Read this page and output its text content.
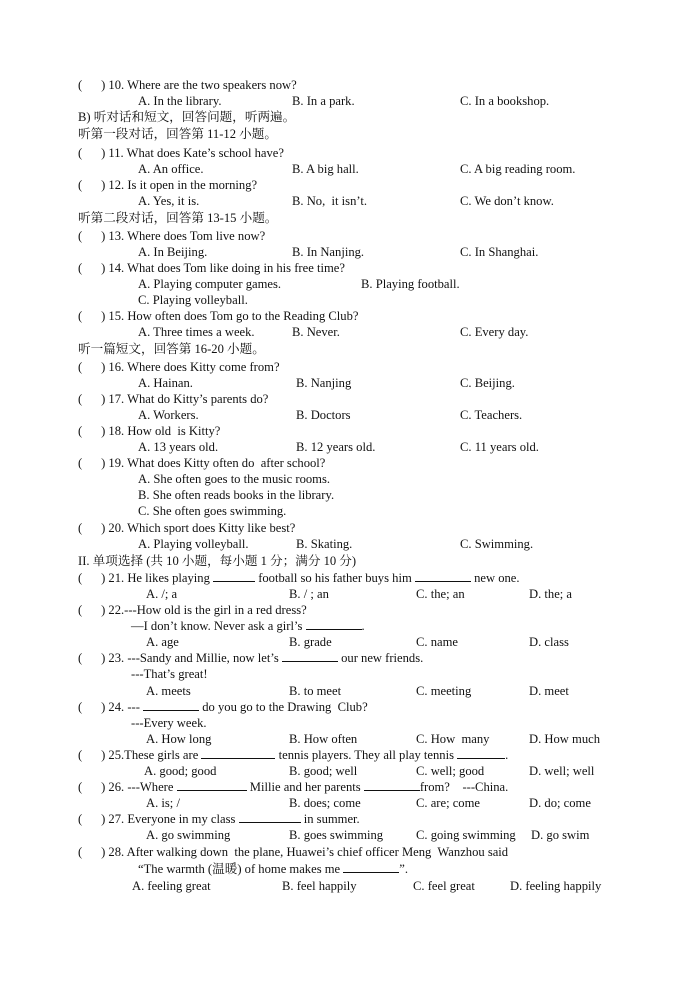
(      ) 10. Where are the two speakers now?
A. In the library.	B. In a park.	C. In a bookshop.
B) 听对话和短文，回答问题，听两遍。
听第一段对话，回答第 11-12 小题。
(      ) 11. What does Kate’s school have?
A. An office.	B. A big hall.	C. A big reading room.
(      ) 12. Is it open in the morning?
A. Yes, it is.	B. No,  it isn’t.	C. We don’t know.
听第二段对话，回答第 13-15 小题。
(      ) 13. Where does Tom live now?
A. In Beijing.	B. In Nanjing.	C. In Shanghai.
(      ) 14. What does Tom like doing in his free time?
A. Playing computer games.	B. Playing football.
C. Playing volleyball.
(      ) 15. How often does Tom go to the Reading Club?
A. Three times a week.	B. Never.	C. Every day.
听一篇短文，回答第 16-20 小题。
(      ) 16. Where does Kitty come from?
A. Hainan.	B. Nanjing	C. Beijing.
(      ) 17. What do Kitty’s parents do?
A. Workers.	B. Doctors	C. Teachers.
(      ) 18. How old  is Kitty?
A. 13 years old.	B. 12 years old.	C. 11 years old.
(      ) 19. What does Kitty often do  after school?
A. She often goes to the music rooms.
B. She often reads books in the library.
C. She often goes swimming.
(      ) 20. Which sport does Kitty like best?
A. Playing volleyball.	B. Skating.	C. Swimming.
II. 单项选择 (共 10 小题，每小题 1 分；满分 10 分)
(      ) 21. He likes playing	football so his father buys him	new one.
A. /; a	B. / ; an	C. the; an	D. the; a
(      ) 22.---How old is the girl in a red dress?
—I don’t know. Never ask a girl’s	.
A. age	B. grade	C. name	D. class
(      ) 23. ---Sandy and Millie, now let’s	our new friends.
---That’s great!
A. meets	B. to meet	C. meeting	D. meet
(      ) 24. ---	do you go to the Drawing  Club?
---Every week.
A. How long	B. How often	C. How  many	D. How much
(      ) 25.These girls are	tennis players. They all play tennis	.
A. good; good	B. good; well	C. well; good	D. well; well
(      ) 26. ---Where	Millie and her parents	from?    ---China.
A. is; /	B. does; come	C. are; come	D. do; come
(      ) 27. Everyone in my class	in summer.
A. go swimming	B. goes swimming	C. going swimming D. go swim
(      ) 28. After walking down  the plane, Huawei’s chief officer Meng  Wanzhou said
“The warmth (温暖) of home makes me	”.
A. feeling great	B. feel happily	C. feel great	D. feeling happily
